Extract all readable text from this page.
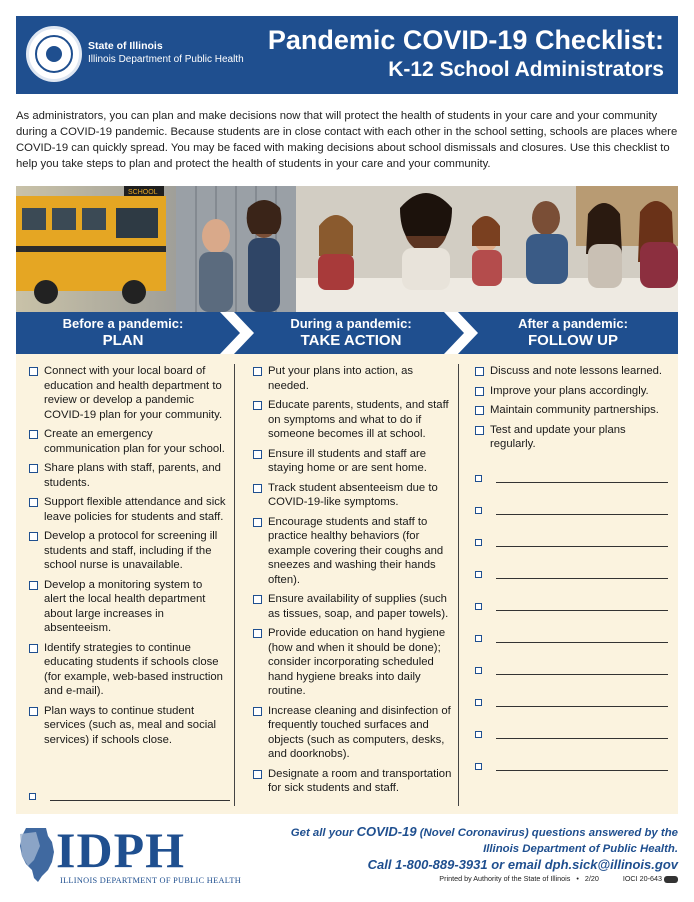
State of Illinois
Illinois Department of Public Health
Pandemic COVID-19 Checklist:
K-12 School Administrators

As administrators, you can plan and make decisions now that will protect the health of students in your care and your community during a COVID-19 pandemic. Because students are in close contact with each other in the school setting, schools are places where COVID-19 can quickly spread. You may be faced with making decisions about school dismissals and closures. Use this checklist to help you take steps to plan and protect the health of students in your care and your community.

SCHOOL
Before a pandemic:
PLAN
During a pandemic:
TAKE ACTION
After a pandemic:
FOLLOW UP
Connect with your local board of education and health department to review or develop a pandemic COVID-19 plan for your community.
Create an emergency communication plan for your school.
Share plans with staff, parents, and students.
Support flexible attendance and sick leave policies for students and staff.
Develop a protocol for screening ill students and staff, including if the school nurse is unavailable.
Develop a monitoring system to alert the local health department about large increases in absenteeism.
Identify strategies to continue educating students if schools close (for example, web-based instruction and e-mail).
Plan ways to continue student services (such as, meal and social services) if schools close.
Put your plans into action, as needed.
Educate parents, students, and staff on symptoms and what to do if someone becomes ill at school.
Ensure ill students and staff are staying home or are sent home.
Track student absenteeism due to COVID-19-like symptoms.
Encourage students and staff to practice healthy behaviors (for example covering their coughs and sneezes and washing their hands often).
Ensure availability of supplies (such as tissues, soap, and paper towels).
Provide education on hand hygiene (how and when it should be done); consider incorporating scheduled hand hygiene breaks into daily routine.
Increase cleaning and disinfection of frequently touched surfaces and objects (such as computers, desks, and doorknobs).
Designate a room and transportation for sick students and staff.
Discuss and note lessons learned.
Improve your plans accordingly.
Maintain community partnerships.
Test and update your plans regularly.
IDPH
ILLINOIS DEPARTMENT OF PUBLIC HEALTH
Get all your COVID-19 (Novel Coronavirus) questions answered by the
Illinois Department of Public Health.
Call 1-800-889-3931 or email dph.sick@illinois.gov
Printed by Authority of the State of Illinois • 2/20	IOCI 20-643
